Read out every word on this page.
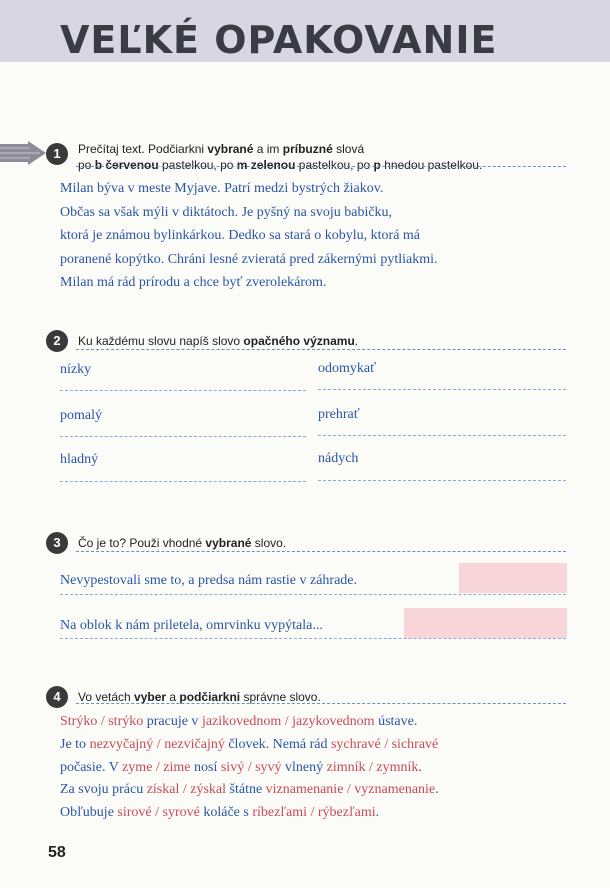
VEĽKÉ OPAKOVANIE
1	Prečítaj text. Podčiarkni vybrané a im príbuzné slová
po b červenou pastelkou, po m zelenou pastelkou, po p hnedou pastelkou.
Milan býva v meste Myjave. Patrí medzi bystrých žiakov.
Občas sa však mýli v diktátoch. Je pyšný na svoju babičku,
ktorá je známou bylinkárkou. Dedko sa stará o kobylu, ktorá má
poranené kopýtko. Chráni lesné zvieratá pred zákernými pytliakmi.
Milan má rád prírodu a chce byť zverolekárom.
2	Ku každému slovu napíš slovo opačného významu.
nízky	odomykať
pomalý	prehrať
hladný	nádych
3	Čo je to? Použi vhodné vybrané slovo.
Nevypestovali sme to, a predsa nám rastie v záhrade.
Na oblok k nám priletela, omrvinku vypýtala...
4	Vo vetách vyber a podčiarkni správne slovo.
Strýko / strýko pracuje v jazikovednom / jazykovednom ústave.
Je to nezvyčajný / nezvičajný človek. Nemá rád sychravé / sichravé
počasie. V zyme / zime nosí sivý / syvý vlnený zimník / zymník.
Za svoju prácu získal / zýskal štátne viznamenanie / vyznamenanie.
Obľubuje sirové / syrové koláče s ríbezľami / rýbezľami.
58
